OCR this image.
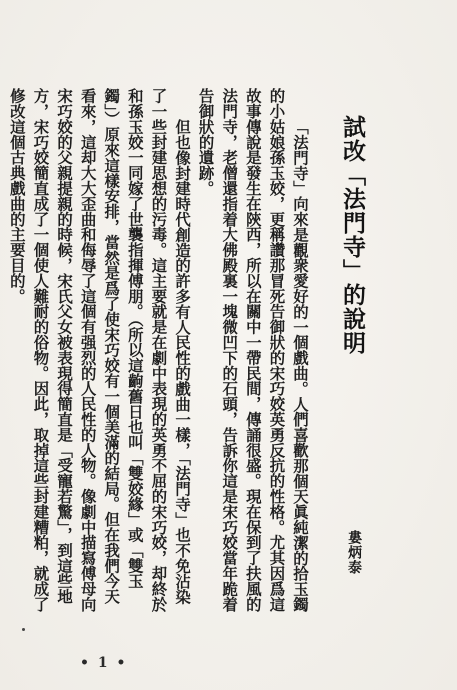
試改「法門寺」的說明
婁炳泰
「法門寺」向來是觀衆愛好的一個戲曲。人們喜歡那個天眞純潔的拾玉鐲的小姑娘孫玉姣，更稱讚那冒死告御狀的宋巧姣英勇反抗的性格。尤其因爲這故事傳說是發生在陝西，所以在關中一帶民間，傳誦很盛。現在保到了扶風的法門寺，老僧還指着大佛殿裏一塊微凹下的石頭，告訴你這是宋巧姣當年跪着告御狀的遺跡。
但也像封建時代創造的許多有人民性的戲曲一樣，「法門寺」也不免沾染了一些封建思想的污毒。這主要就是在劇中表現的英勇不屈的宋巧姣，却終於和孫玉姣一同嫁了世襲指揮傅朋。（所以這齣舊日也叫「雙姣緣」或「雙玉鐲」）原來這樣安排，當然是爲了使宋巧姣有一個美滿的結局。但在我們今天看來，這却大大歪曲和侮辱了這個有强烈的人民性的人物。像劇中描寫傅母向宋巧姣的父親提親的時候，宋氏父女被表現得簡直是「受寵若驚」，到這些地方，宋巧姣簡直成了一個使人難耐的俗物。因此，取掉這些封建糟粕，就成了修改這個古典戲曲的主要目的。
• 1 •
